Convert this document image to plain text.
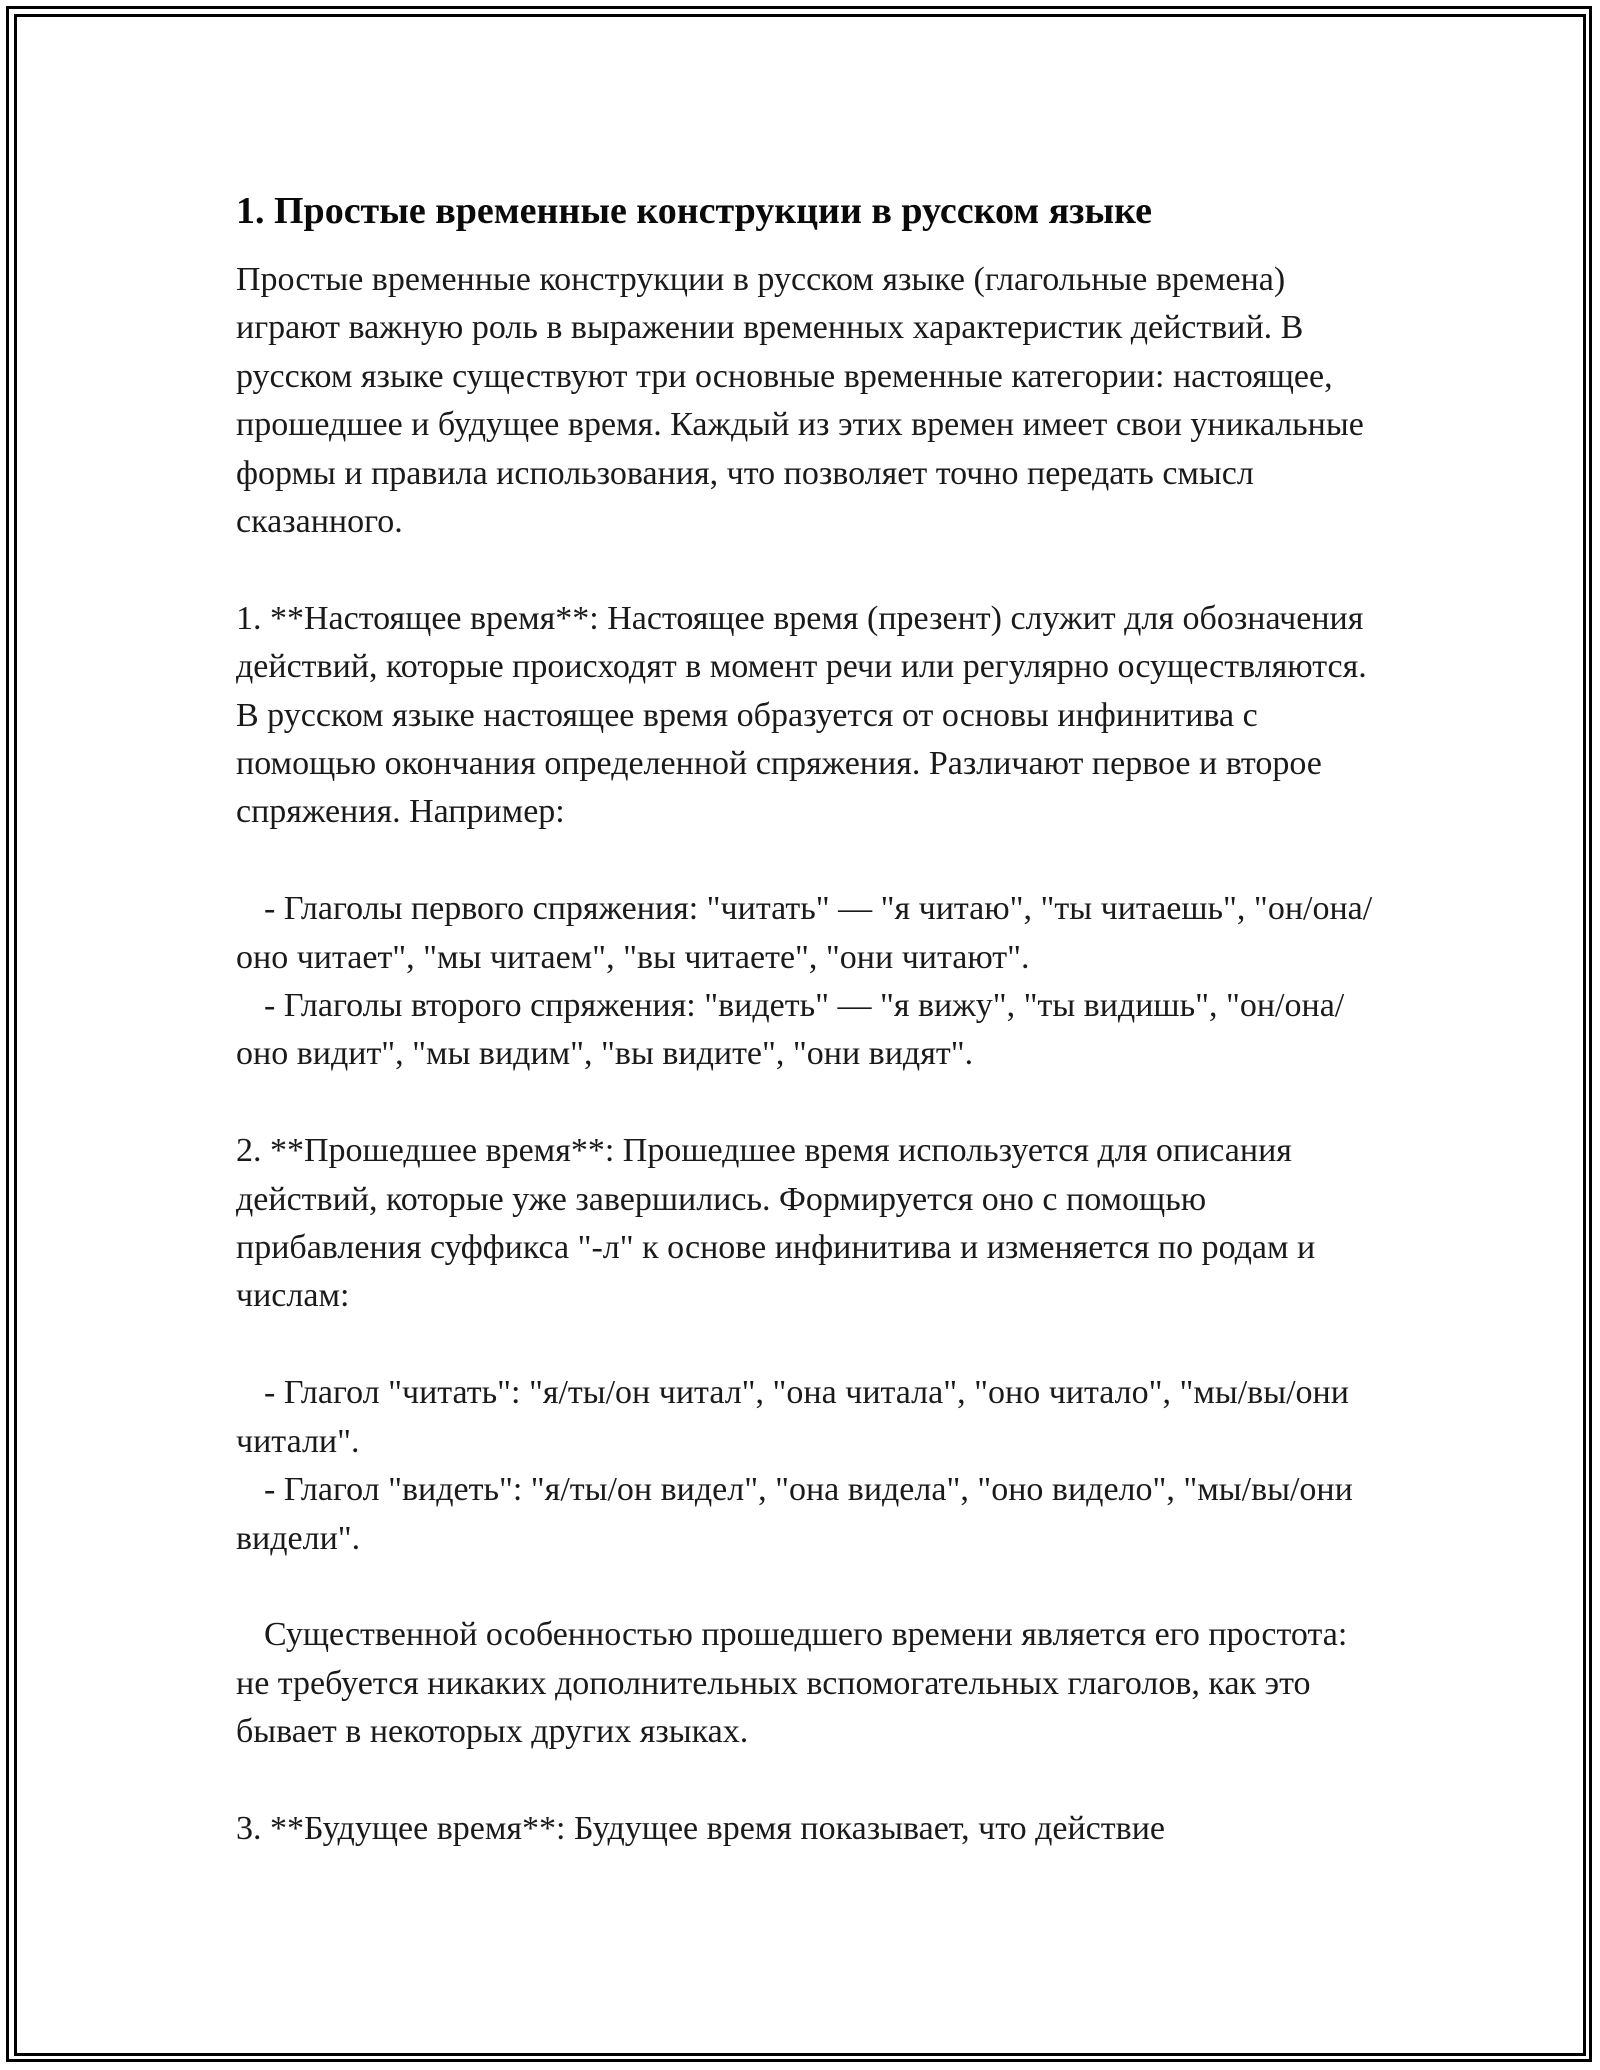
1. Простые временные конструкции в русском языке

Простые временные конструкции в русском языке (глагольные времена) играют важную роль в выражении временных характеристик действий. В русском языке существуют три основные временные категории: настоящее, прошедшее и будущее время. Каждый из этих времен имеет свои уникальные формы и правила использования, что позволяет точно передать смысл сказанного.

1. **Настоящее время**: Настоящее время (презент) служит для обозначения действий, которые происходят в момент речи или регулярно осуществляются. В русском языке настоящее время образуется от основы инфинитива с помощью окончания определенной спряжения. Различают первое и второе спряжения. Например:

- Глаголы первого спряжения: "читать" — "я читаю", "ты читаешь", "он/она/оно читает", "мы читаем", "вы читаете", "они читают".

- Глаголы второго спряжения: "видеть" — "я вижу", "ты видишь", "он/она/оно видит", "мы видим", "вы видите", "они видят".

2. **Прошедшее время**: Прошедшее время используется для описания действий, которые уже завершились. Формируется оно с помощью прибавления суффикса "-л" к основе инфинитива и изменяется по родам и числам:

- Глагол "читать": "я/ты/он читал", "она читала", "оно читало", "мы/вы/они читали".

- Глагол "видеть": "я/ты/он видел", "она видела", "оно видело", "мы/вы/они видели".

Существенной особенностью прошедшего времени является его простота: не требуется никаких дополнительных вспомогательных глаголов, как это бывает в некоторых других языках.

3. **Будущее время**: Будущее время показывает, что действие
